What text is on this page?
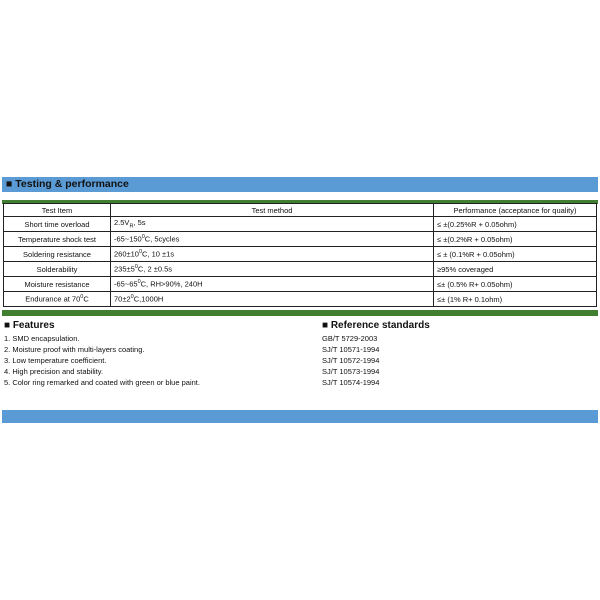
■ Testing & performance
Test Item	Test method	Performance (acceptance for quality)
Short time overload	$2.5V_R$, 5s	≤ ±(0.25%R + 0.05ohm)
Temperature shock test	$-65\sim 150^0C$, 5cycles	≤ ±(0.2%R + 0.05ohm)
Soldering resistance	$260\pm 10^0C$, 10 ±1s	≤ ± (0.1%R + 0.05ohm)
Solderability	$235\pm 5^0C$, 2 ±0.5s	≥95% coveraged
Moisture resistance	$-65\sim 65^0C$, RH>90%, 240H	≤± (0.5% R+ 0.05ohm)
Endurance at $70^0C$	$70\pm 2^0C,1000H$	≤± (1% R+ 0.1ohm)
■ Features
1. SMD encapsulation.
2. Moisture proof with multi-layers coating.
3. Low temperature coefficient.
4. High precision and stability.
5. Color ring remarked and coated with green or blue paint.
■ Reference standards
GB/T 5729-2003
SJ/T 10571-1994
SJ/T 10572-1994
SJ/T 10573-1994
SJ/T 10574-1994
